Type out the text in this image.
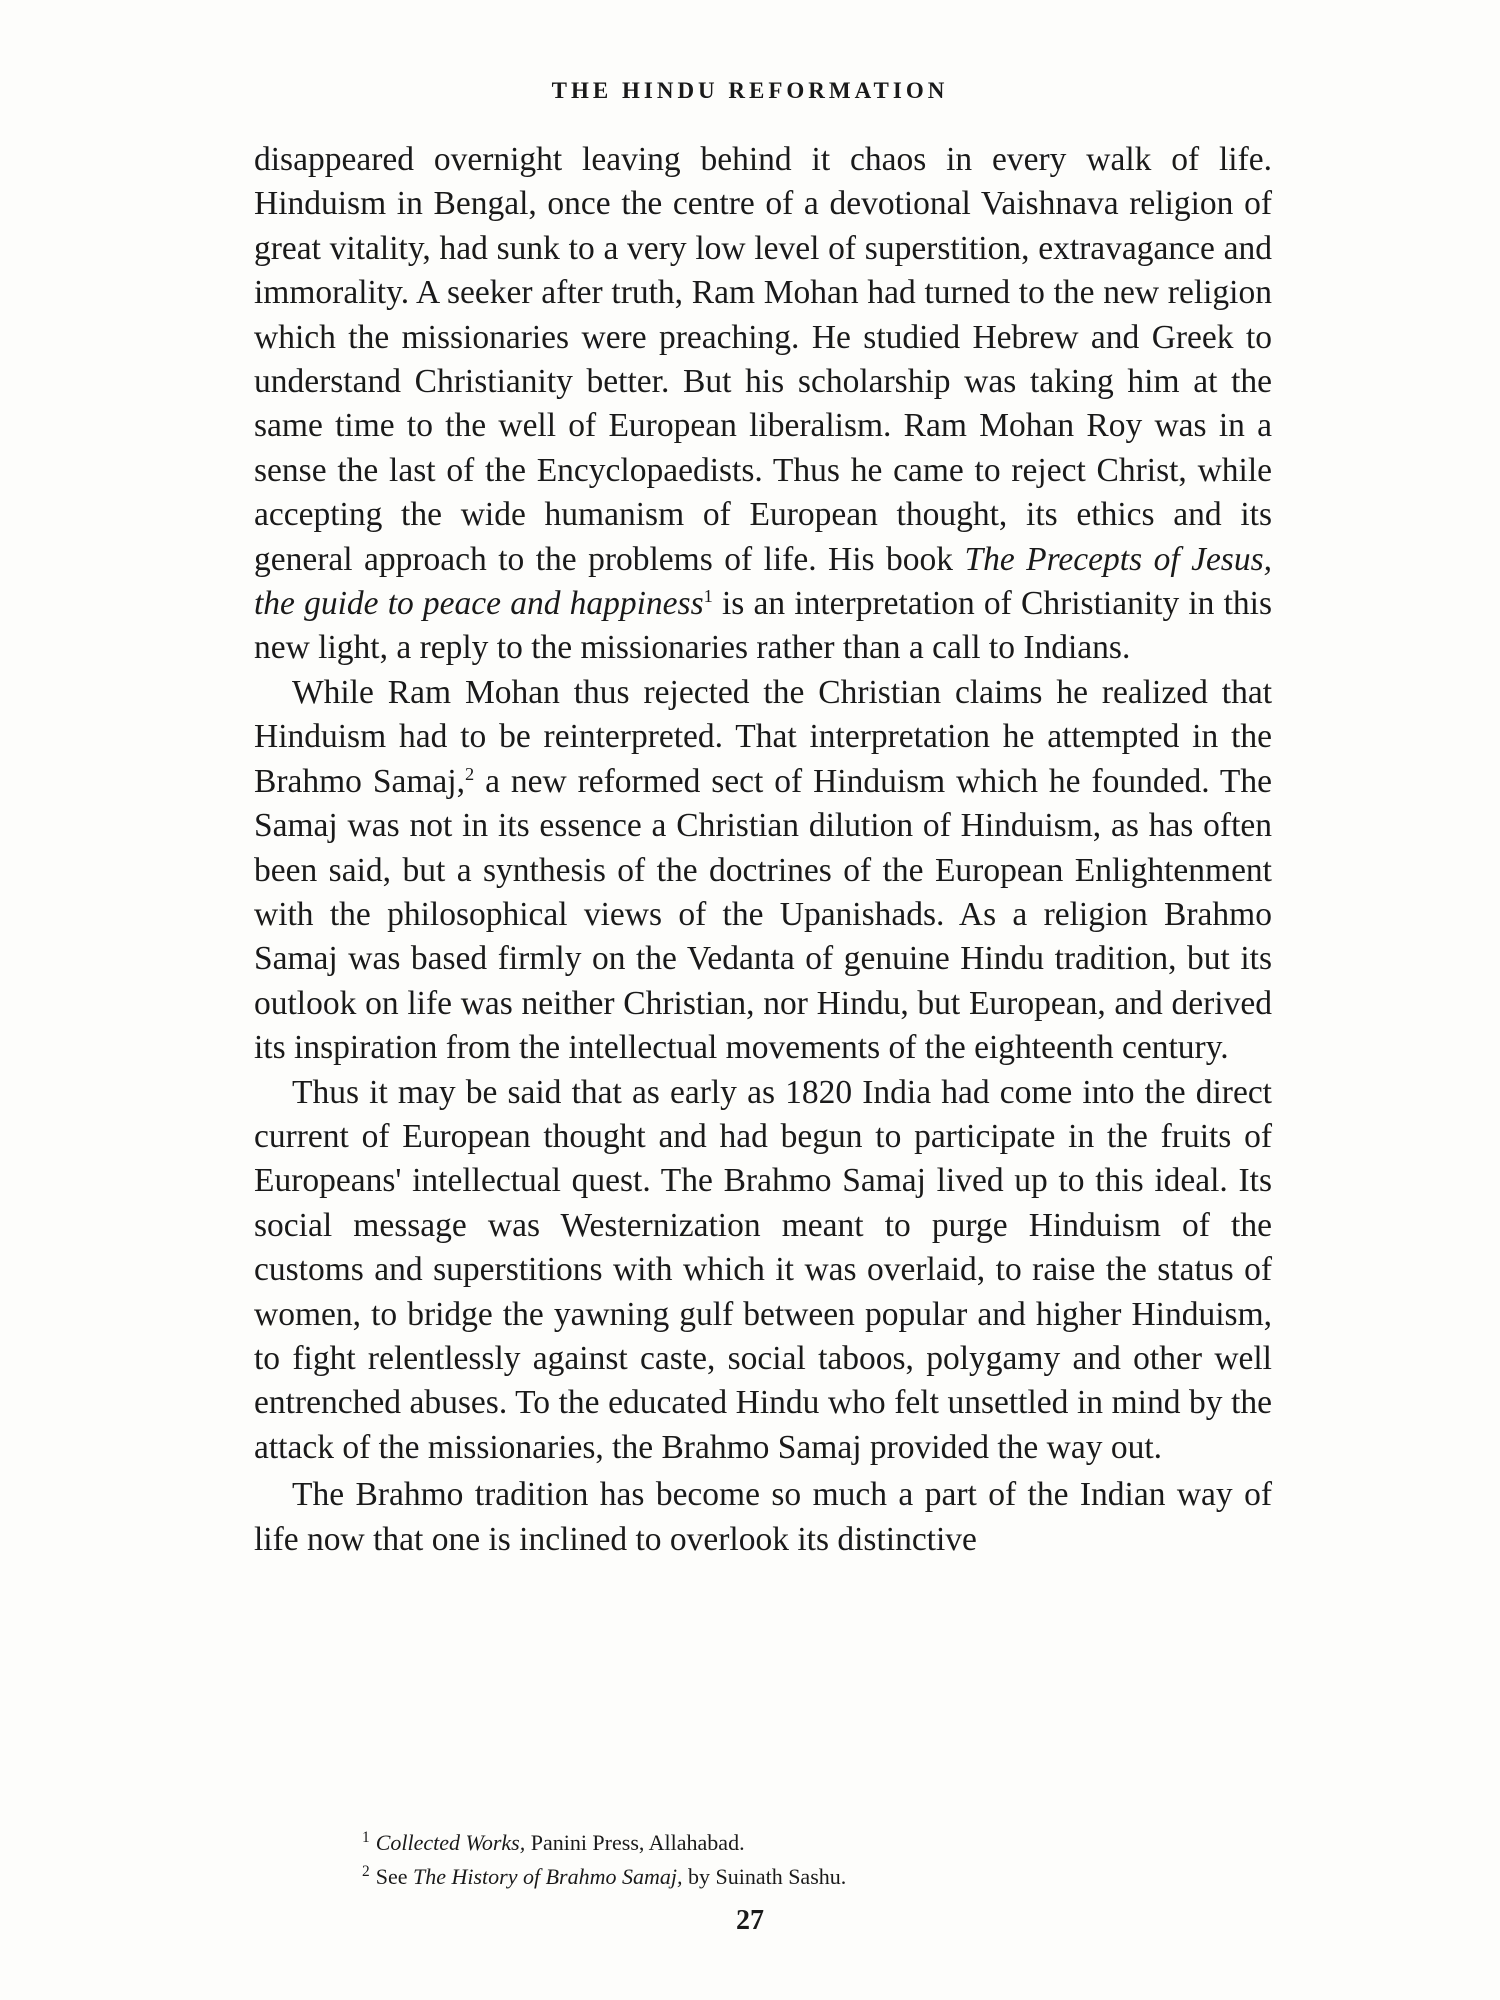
THE HINDU REFORMATION

disappeared overnight leaving behind it chaos in every walk of life. Hinduism in Bengal, once the centre of a devotional Vaishnava religion of great vitality, had sunk to a very low level of superstition, extravagance and immorality. A seeker after truth, Ram Mohan had turned to the new religion which the missionaries were preaching. He studied Hebrew and Greek to understand Christianity better. But his scholarship was taking him at the same time to the well of European liberalism. Ram Mohan Roy was in a sense the last of the Encyclopaedists. Thus he came to reject Christ, while accepting the wide humanism of European thought, its ethics and its general approach to the problems of life. His book The Precepts of Jesus, the guide to peace and happiness$^1$ is an interpretation of Christianity in this new light, a reply to the missionaries rather than a call to Indians.

While Ram Mohan thus rejected the Christian claims he realized that Hinduism had to be reinterpreted. That interpretation he attempted in the Brahmo Samaj,$^2$ a new reformed sect of Hinduism which he founded. The Samaj was not in its essence a Christian dilution of Hinduism, as has often been said, but a synthesis of the doctrines of the European Enlightenment with the philosophical views of the Upanishads. As a religion Brahmo Samaj was based firmly on the Vedanta of genuine Hindu tradition, but its outlook on life was neither Christian, nor Hindu, but European, and derived its inspiration from the intellectual movements of the eighteenth century.

Thus it may be said that as early as 1820 India had come into the direct current of European thought and had begun to participate in the fruits of Europeans' intellectual quest. The Brahmo Samaj lived up to this ideal. Its social message was Westernization meant to purge Hinduism of the customs and superstitions with which it was overlaid, to raise the status of women, to bridge the yawning gulf between popular and higher Hinduism, to fight relentlessly against caste, social taboos, polygamy and other well entrenched abuses. To the educated Hindu who felt unsettled in mind by the attack of the missionaries, the Brahmo Samaj provided the way out.

The Brahmo tradition has become so much a part of the Indian way of life now that one is inclined to overlook its distinctive

$^1$ Collected Works, Panini Press, Allahabad.
$^2$ See The History of Brahmo Samaj, by Suinath Sashu.
27
